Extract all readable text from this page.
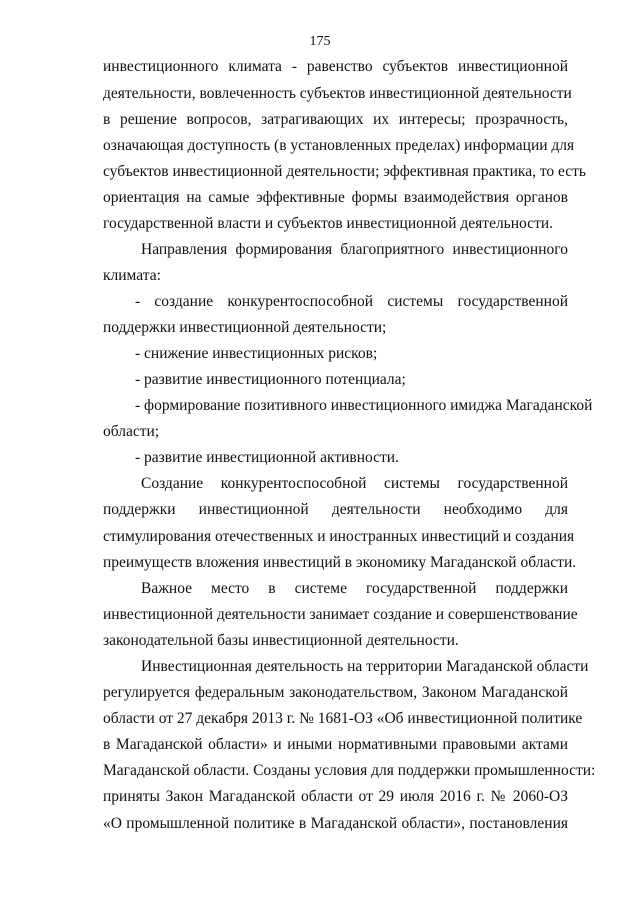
175
инвестиционного климата - равенство субъектов инвестиционной
деятельности, вовлеченность субъектов инвестиционной деятельности
в решение вопросов, затрагивающих их интересы; прозрачность,
означающая доступность (в установленных пределах) информации для
субъектов инвестиционной деятельности; эффективная практика, то есть
ориентация на самые эффективные формы взаимодействия органов
государственной власти и субъектов инвестиционной деятельности.
Направления формирования благоприятного инвестиционного
климата:
- создание конкурентоспособной системы государственной
поддержки инвестиционной деятельности;
- снижение инвестиционных рисков;
- развитие инвестиционного потенциала;
- формирование позитивного инвестиционного имиджа Магаданской
области;
- развитие инвестиционной активности.
Создание конкурентоспособной системы государственной
поддержки инвестиционной деятельности необходимо для
стимулирования отечественных и иностранных инвестиций и создания
преимуществ вложения инвестиций в экономику Магаданской области.
Важное место в системе государственной поддержки
инвестиционной деятельности занимает создание и совершенствование
законодательной базы инвестиционной деятельности.
Инвестиционная деятельность на территории Магаданской области
регулируется федеральным законодательством, Законом Магаданской
области от 27 декабря 2013 г. № 1681-ОЗ «Об инвестиционной политике
в Магаданской области» и иными нормативными правовыми актами
Магаданской области. Созданы условия для поддержки промышленности:
приняты Закон Магаданской области от 29 июля 2016 г. № 2060-ОЗ
«О промышленной политике в Магаданской области», постановления
